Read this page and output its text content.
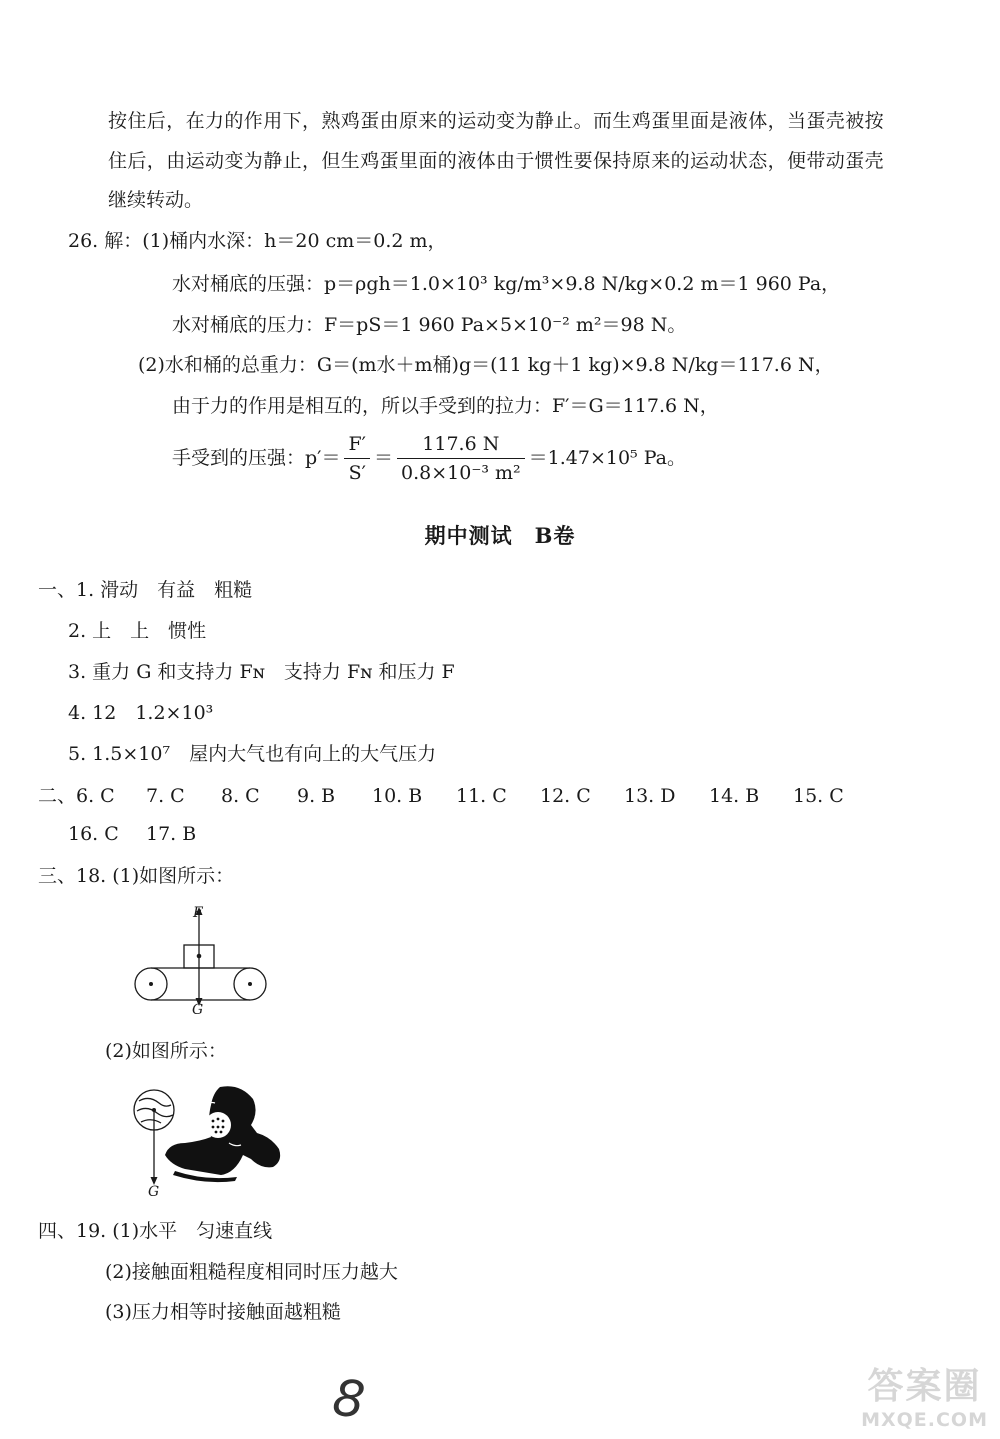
按住后，在力的作用下，熟鸡蛋由原来的运动变为静止。而生鸡蛋里面是液体，当蛋壳被按
住后，由运动变为静止，但生鸡蛋里面的液体由于惯性要保持原来的运动状态，便带动蛋壳
继续转动。
26. 解：(1)桶内水深：h＝20 cm＝0.2 m，
水对桶底的压强：p＝ρgh＝1.0×10³ kg/m³×9.8 N/kg×0.2 m＝1 960 Pa，
水对桶底的压力：F＝pS＝1 960 Pa×5×10⁻² m²＝98 N。
(2)水和桶的总重力：G＝(m水＋m桶)g＝(11 kg＋1 kg)×9.8 N/kg＝117.6 N，
由于力的作用是相互的，所以手受到的拉力：F′＝G＝117.6 N，
手受到的压强：$p'= \frac{F'}{S'} = \frac{117.6 N}{\text{0.8×10⁻³ m²}} =1.47\times 10^5$ Pa。
期中测试　B卷
一、1. 滑动　有益　粗糙
2. 上　上　惯性
3. 重力 G 和支持力 Fɴ　支持力 Fɴ 和压力 F
4. 12　1.2×10³
5. 1.5×10⁷　屋内大气也有向上的大气压力
二、6. C 7. C 8. C 9. B 10. B 11. C 12. C 13. D 14. B 15. C
16. C 17. B
三、18. (1)如图所示：
F
G
(2)如图所示：
G
四、19. (1)水平　匀速直线
(2)接触面粗糙程度相同时压力越大
(3)压力相等时接触面越粗糙
8	答案圈
MXQE.COM
